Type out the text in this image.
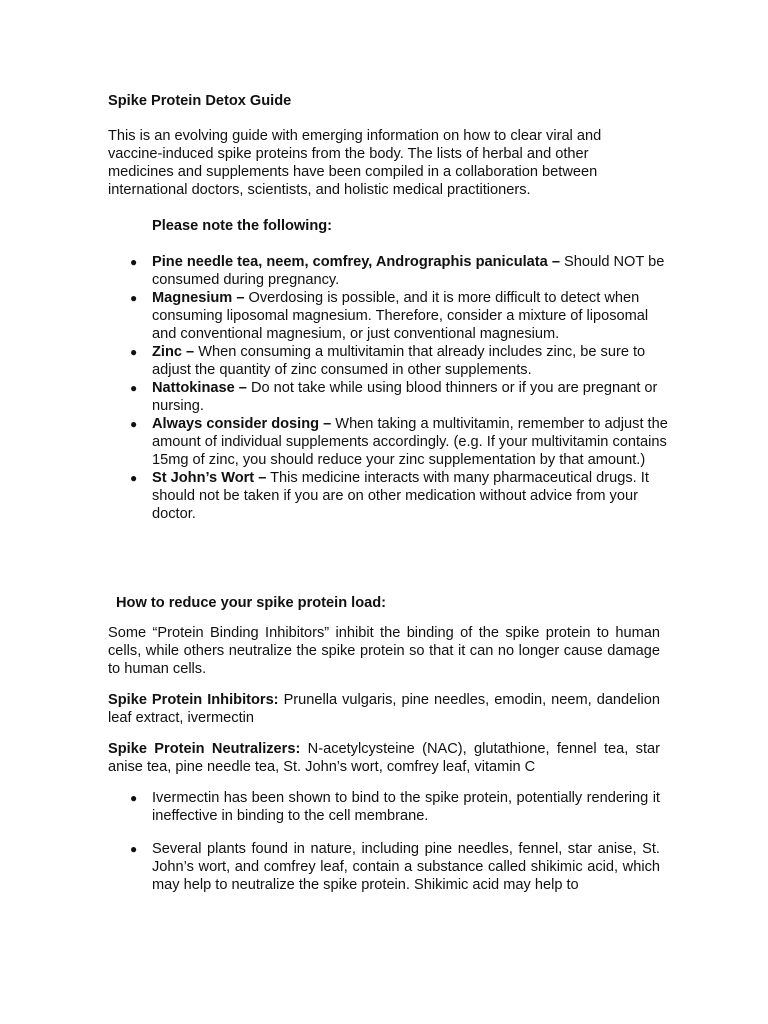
Spike Protein Detox Guide

This is an evolving guide with emerging information on how to clear viral and vaccine-induced spike proteins from the body. The lists of herbal and other medicines and supplements have been compiled in a collaboration between international doctors, scientists, and holistic medical practitioners.

Please note the following:

● Pine needle tea, neem, comfrey, Andrographis paniculata – Should NOT be consumed during pregnancy.
● Magnesium – Overdosing is possible, and it is more difficult to detect when consuming liposomal magnesium. Therefore, consider a mixture of liposomal and conventional magnesium, or just conventional magnesium.
● Zinc – When consuming a multivitamin that already includes zinc, be sure to adjust the quantity of zinc consumed in other supplements.
● Nattokinase – Do not take while using blood thinners or if you are pregnant or nursing.
● Always consider dosing – When taking a multivitamin, remember to adjust the amount of individual supplements accordingly. (e.g. If your multivitamin contains 15mg of zinc, you should reduce your zinc supplementation by that amount.)
● St John’s Wort – This medicine interacts with many pharmaceutical drugs. It should not be taken if you are on other medication without advice from your doctor.

How to reduce your spike protein load:

Some “Protein Binding Inhibitors” inhibit the binding of the spike protein to human cells, while others neutralize the spike protein so that it can no longer cause damage to human cells.

Spike Protein Inhibitors: Prunella vulgaris, pine needles, emodin, neem, dandelion leaf extract, ivermectin

Spike Protein Neutralizers: N-acetylcysteine (NAC), glutathione, fennel tea, star anise tea, pine needle tea, St. John’s wort, comfrey leaf, vitamin C

● Ivermectin has been shown to bind to the spike protein, potentially rendering it ineffective in binding to the cell membrane.
● Several plants found in nature, including pine needles, fennel, star anise, St. John’s wort, and comfrey leaf, contain a substance called shikimic acid, which may help to neutralize the spike protein. Shikimic acid may help to
